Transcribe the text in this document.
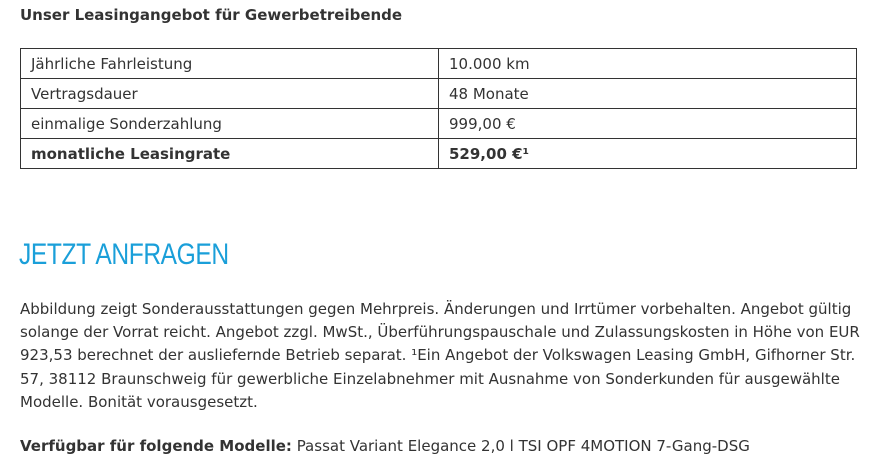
Unser Leasingangebot für Gewerbetreibende
Jährliche Fahrleistung	10.000 km
Vertragsdauer	48 Monate
einmalige Sonderzahlung	999,00 €
monatliche Leasingrate	529,00 €¹
JETZT ANFRAGEN

Abbildung zeigt Sonderausstattungen gegen Mehrpreis. Änderungen und Irrtümer vorbehalten. Angebot gültig solange der Vorrat reicht. Angebot zzgl. MwSt., Überführungspauschale und Zulassungskosten in Höhe von EUR 923,53 berechnet der ausliefernde Betrieb separat. ¹Ein Angebot der Volkswagen Leasing GmbH, Gifhorner Str. 57, 38112 Braunschweig für gewerbliche Einzelabnehmer mit Ausnahme von Sonderkunden für ausgewählte Modelle. Bonität vorausgesetzt.

Verfügbar für folgende Modelle: Passat Variant Elegance 2,0 l TSI OPF 4MOTION 7-Gang-DSG
